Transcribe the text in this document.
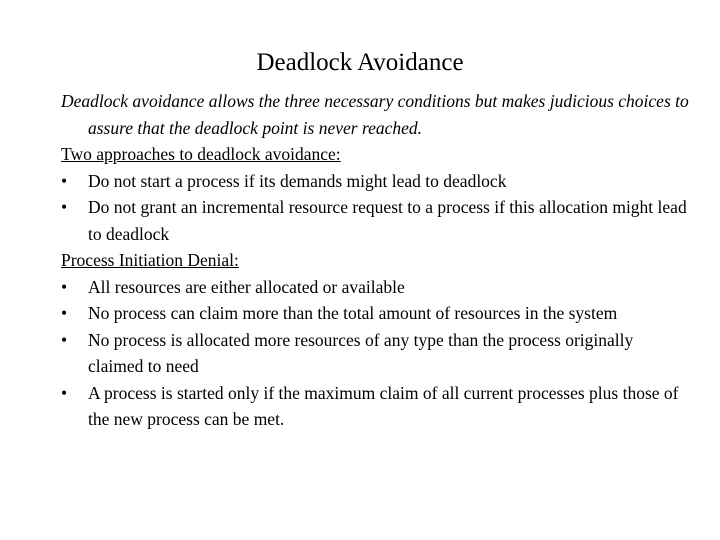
Deadlock Avoidance

Deadlock avoidance allows the three necessary conditions but makes judicious choices to assure that the deadlock point is never reached.

Two approaches to deadlock avoidance:

•	Do not start a process if its demands might lead to deadlock
•	Do not grant an incremental resource request to a process if this allocation might lead to deadlock

Process Initiation Denial:

•	All resources are either allocated or available
•	No process can claim more than the total amount of resources in the system
•	No process is allocated more resources of any type than the process originally claimed to need
•	A process is started only if the maximum claim of all current processes plus those of the new process can be met.
